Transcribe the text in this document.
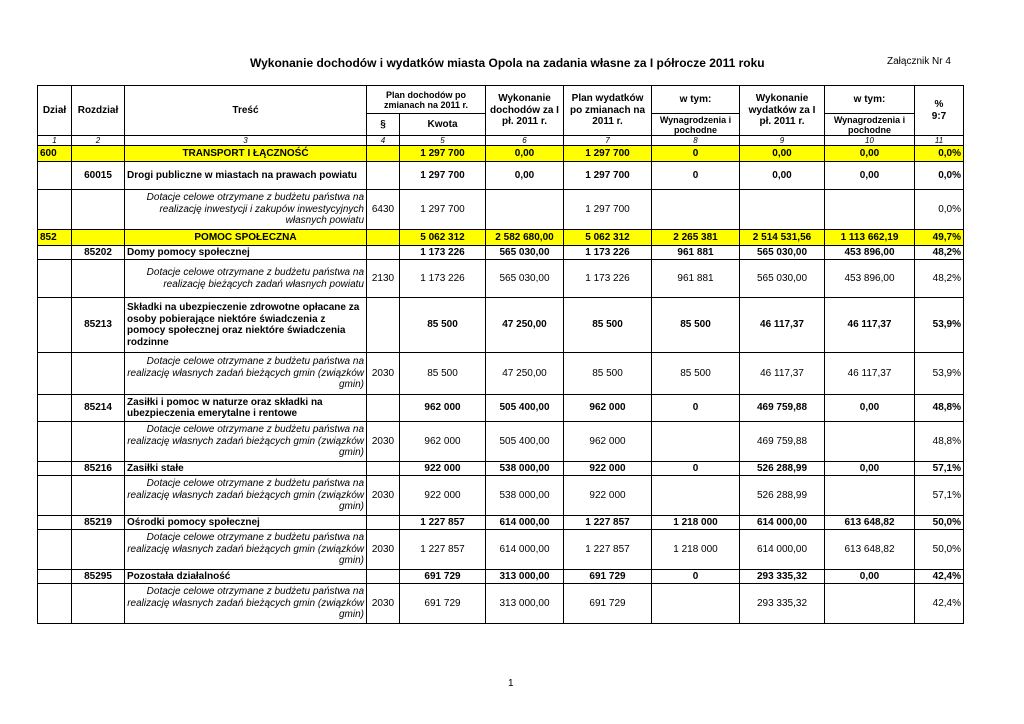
Wykonanie dochodów i wydatków miasta Opola na zadania własne za I półrocze 2011 roku	Załącznik Nr 4
Dział	Rozdział	Treść	Plan dochodów po zmianach na 2011 r.		Wykonanie dochodów za I pł. 2011 r.	Plan wydatków po zmianach na 2011 r.	w tym:	Wykonanie wydatków za I pł. 2011 r.	w tym:	%
9:7

			§	Kwota			Wynagrodzenia i pochodne		Wynagrodzenia i pochodne	
1	2	3	4	5	6	7	8	9	10	11
600		TRANSPORT I ŁĄCZNOŚĆ		1 297 700	0,00	1 297 700	0	0,00	0,00	0,0%
	60015	Drogi publiczne w miastach na prawach powiatu		1 297 700	0,00	1 297 700	0	0,00	0,00	0,0%
		Dotacje celowe otrzymane z budżetu państwa na realizację inwestycji i zakupów inwestycyjnych własnych powiatu	6430	1 297 700		1 297 700				0,0%
852		POMOC SPOŁECZNA		5 062 312	2 582 680,00	5 062 312	2 265 381	2 514 531,56	1 113 662,19	49,7%
	85202	Domy pomocy społecznej		1 173 226	565 030,00	1 173 226	961 881	565 030,00	453 896,00	48,2%
		Dotacje celowe otrzymane z budżetu państwa na realizację bieżących zadań własnych powiatu	2130	1 173 226	565 030,00	1 173 226	961 881	565 030,00	453 896,00	48,2%
	85213	Składki na ubezpieczenie zdrowotne opłacane za osoby pobierające niektóre świadczenia z pomocy społecznej oraz niektóre świadczenia rodzinne		85 500	47 250,00	85 500	85 500	46 117,37	46 117,37	53,9%
		Dotacje celowe otrzymane z budżetu państwa na realizację własnych zadań bieżących gmin (związków gmin)	2030	85 500	47 250,00	85 500	85 500	46 117,37	46 117,37	53,9%
	85214	Zasiłki i pomoc w naturze oraz składki na ubezpieczenia emerytalne i rentowe		962 000	505 400,00	962 000	0	469 759,88	0,00	48,8%
		Dotacje celowe otrzymane z budżetu państwa na realizację własnych zadań bieżących gmin (związków gmin)	2030	962 000	505 400,00	962 000		469 759,88		48,8%
	85216	Zasiłki stałe		922 000	538 000,00	922 000	0	526 288,99	0,00	57,1%
		Dotacje celowe otrzymane z budżetu państwa na realizację własnych zadań bieżących gmin (związków gmin)	2030	922 000	538 000,00	922 000		526 288,99		57,1%
	85219	Ośrodki pomocy społecznej		1 227 857	614 000,00	1 227 857	1 218 000	614 000,00	613 648,82	50,0%
		Dotacje celowe otrzymane z budżetu państwa na realizację własnych zadań bieżących gmin (związków gmin)	2030	1 227 857	614 000,00	1 227 857	1 218 000	614 000,00	613 648,82	50,0%
	85295	Pozostała działalność		691 729	313 000,00	691 729	0	293 335,32	0,00	42,4%
		Dotacje celowe otrzymane z budżetu państwa na realizację własnych zadań bieżących gmin (związków gmin)	2030	691 729	313 000,00	691 729		293 335,32		42,4%
1
